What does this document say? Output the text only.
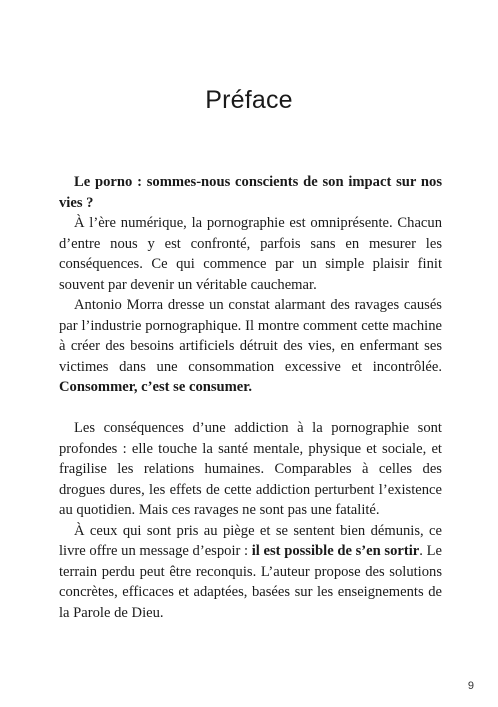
Préface

Le porno : sommes-nous conscients de son impact sur nos vies ?

À l’ère numérique, la pornographie est omniprésente. Chacun d’entre nous y est confronté, parfois sans en mesurer les conséquences. Ce qui commence par un simple plaisir finit souvent par devenir un véritable cauchemar.

Antonio Morra dresse un constat alarmant des ravages causés par l’industrie pornographique. Il montre comment cette machine à créer des besoins artificiels détruit des vies, en enfermant ses victimes dans une consommation excessive et incontrôlée. Consommer, c’est se consumer.

Les conséquences d’une addiction à la pornographie sont profondes : elle touche la santé mentale, physique et sociale, et fragilise les relations humaines. Comparables à celles des drogues dures, les effets de cette addiction perturbent l’existence au quotidien. Mais ces ravages ne sont pas une fatalité.

À ceux qui sont pris au piège et se sentent bien démunis, ce livre offre un message d’espoir : il est possible de s’en sortir. Le terrain perdu peut être reconquis. L’auteur propose des solutions concrètes, efficaces et adaptées, basées sur les enseignements de la Parole de Dieu.

9
